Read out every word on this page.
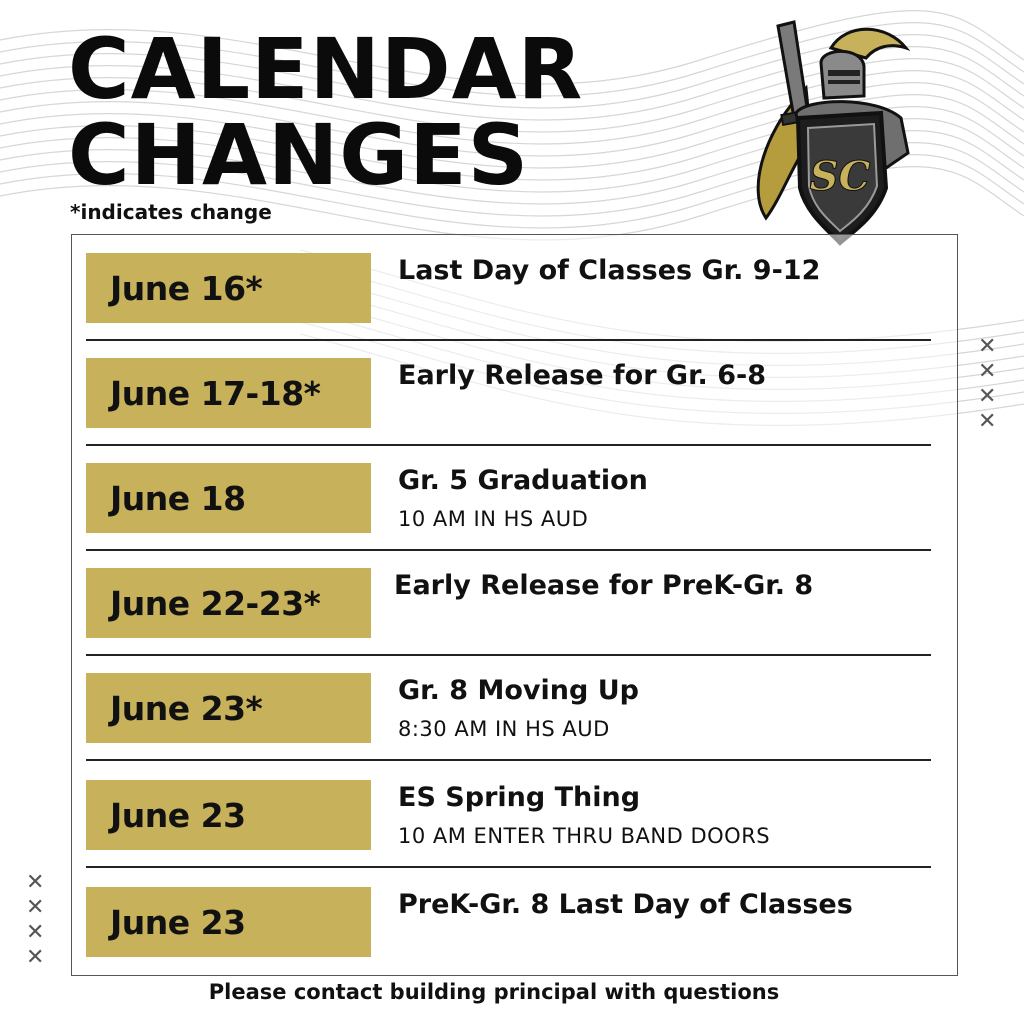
CALENDAR
CHANGES
*indicates change
SC
June 16*	Last Day of Classes Gr. 9-12
June 17-18*	Early Release for Gr. 6-8
June 18	Gr. 5 Graduation
10 AM IN HS AUD
June 22-23*	Early Release for PreK-Gr. 8
June 23*	Gr. 8 Moving Up
8:30 AM IN HS AUD
June 23	ES Spring Thing
10 AM ENTER THRU BAND DOORS
June 23	PreK-Gr. 8 Last Day of Classes
✕
✕
✕
✕
✕
✕
✕
✕
Please contact building principal with questions
